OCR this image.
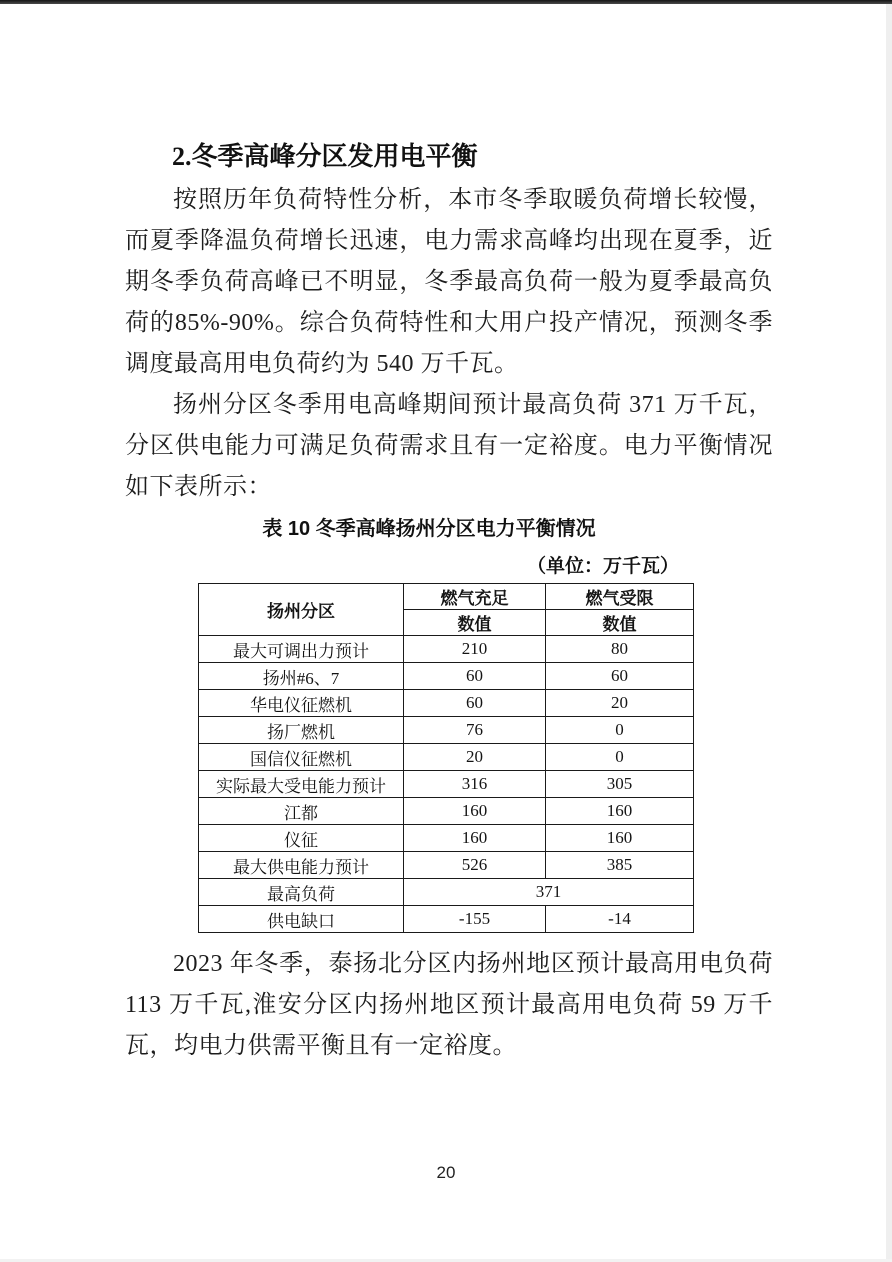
2.冬季高峰分区发用电平衡

按照历年负荷特性分析，本市冬季取暖负荷增长较慢，而夏季降温负荷增长迅速，电力需求高峰均出现在夏季，近期冬季负荷高峰已不明显，冬季最高负荷一般为夏季最高负荷的85%-90%。综合负荷特性和大用户投产情况，预测冬季调度最高用电负荷约为 540 万千瓦。

扬州分区冬季用电高峰期间预计最高负荷 371 万千瓦，分区供电能力可满足负荷需求且有一定裕度。电力平衡情况如下表所示：

表 10 冬季高峰扬州分区电力平衡情况
（单位：万千瓦）
扬州分区	燃气充足	燃气受限
	数值	数值
最大可调出力预计	210	80
扬州#6、7	60	60
华电仪征燃机	60	20
扬厂燃机	76	0
国信仪征燃机	20	0
实际最大受电能力预计	316	305
江都	160	160
仪征	160	160
最大供电能力预计	526	385
最高负荷	371	
供电缺口	-155	-14

2023 年冬季，泰扬北分区内扬州地区预计最高用电负荷 113 万千瓦,淮安分区内扬州地区预计最高用电负荷 59 万千瓦，均电力供需平衡且有一定裕度。

20
